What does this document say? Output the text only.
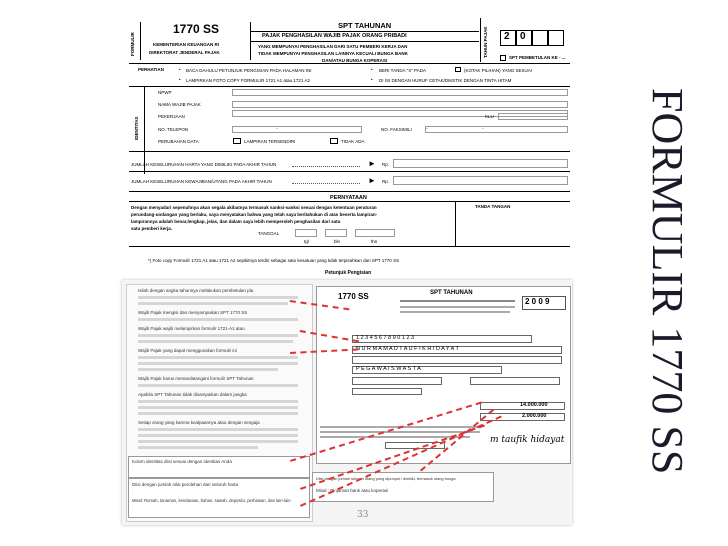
FORMULIR
1770 SS
KEMENTERIAN KEUANGAN RI
DIREKTORAT JENDERAL PAJAK
SPT TAHUNAN
PAJAK PENGHASILAN WAJIB PAJAK ORANG PRIBADI
YANG MEMPUNYAI PENGHASILAN DARI SATU PEMBERI KERJA DAN
TIDAK MEMPUNYAI PENGHASILAN LAINNYA KECUALI BUNGA BANK
DAN/ATAU BUNGA KOPERASI
TAHUN PAJAK 2 0
SPT PEMBETULAN KE - ...
PERHATIAN	• BACA DAHULU PETUNJUK PENGISIAN PADA HALAMAN INI
• LAMPIRKAN FOTO COPY FORMULIR 1721 A1 atau 1721 A2
• BERI TANDA "X" PADA	(KOTAK PILIHAN) YANG SESUAI
• DI ISI DENGAN HURUF CETAK/DIKETIK DENGAN TINTA HITAM
IDENTITAS
NPWP
NAMA WAJIB PAJAK
PEKERJAAN	KLU
NO. TELEPON	-	NO. FAKSIMILI	-	-
PERUBAHAN DATA	LAMPIRAN TERSENDIRI	TIDAK ADA
JUMLAH KESELURUHAN HARTA YANG DIMILIKI PADA AKHIR TAHUN	► Rp.
JUMLAH KESELURUHAN KEWAJIBAN/UTANG PADA AKHIR TAHUN	► Rp.
PERNYATAAN
TANDA TANGAN
Dengan menyadari sepenuhnya akan segala akibatnya termasuk sanksi-sanksi sesuai dengan ketentuan peraturan
perundang-undangan yang berlaku, saya menyatakan bahwa yang telah saya beritahukan di atas beserta lampiran-
lampirannya adalah benar,lengkap, jelas, dan dalam saya lebih memperoleh penghasilan dari satu
satu pemberi kerja.
TANGGAL
tgl	bln	thn
*) Foto copy Formulir 1721 A1 atau 1721 A2 sepikitnya terdiri sebagai satu kesatuan yang tidak terpisahkan dari SPT 1770 SS
Petunjuk Pengisian
Isilah dengan angka tahunnya melakukan pembetulan pla
Wajib Pajak mengisi dan menyampaikan SPT 1770 SS
Wajib Pajak wajib melampirkan formulir 1721-A1 atau
Wajib Pajak yang dapat menggunakan formulir ini
Wajib Pajak harus menandatangani formulir SPT Tahunan
Apabila SPT Tahunan tidak disampaikan dalam jangka
Setiap orang yang karena kealpaannya atau dengan sengaja
Kolom identitas diisi sesuai dengan identitas Anda
Diisi dengan jumlah nilai perolehan dari seluruh harta
Misal: Rumah, tanaman, kendaraan, bahan, sawah, deposito, perhiasan, dan lain-lain
1770 SS	SPT TAHUNAN
2 0 0 9
1 2 3 4 5 6 7 8 9 0 1 2 3
N U R M A M A D T A U F I K H I D A Y A T
P E G A W A I S W A S T A
14.000.000
2.000.000
m taufik hidayat
Diisi dengan jumlah seluruh utang yang dipunyai / dimiliki, termasuk utang bunga
Misal : Pinjaman bank atau koperasi
33
FORMULIR 1770 SS
